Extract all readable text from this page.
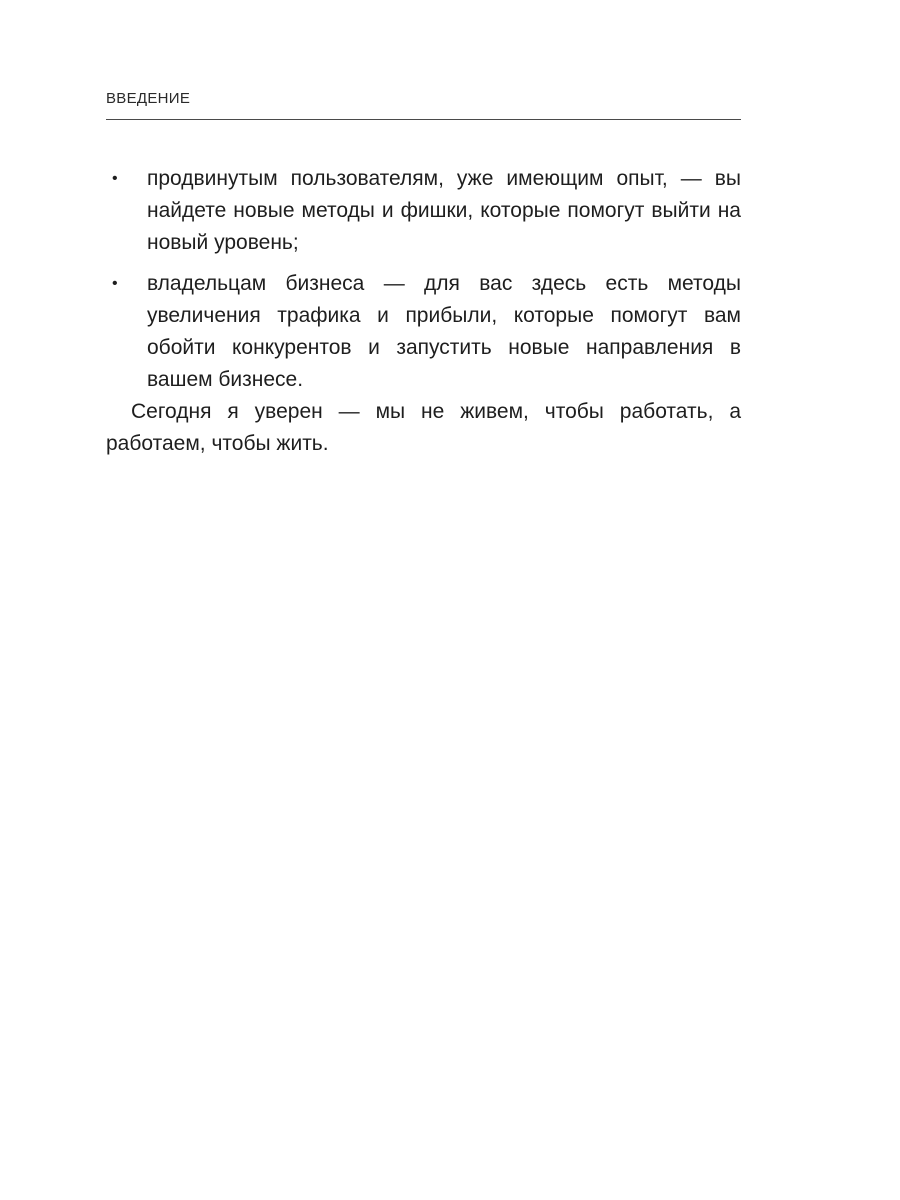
ВВЕДЕНИЕ
• продвинутым пользователям, уже имеющим опыт, — вы найдете новые методы и фишки, которые помогут выйти на новый уровень;
• владельцам бизнеса — для вас здесь есть методы увеличения трафика и прибыли, которые помогут вам обойти конкурентов и запустить новые направления в вашем бизнесе.

Сегодня я уверен — мы не живем, чтобы работать, а работаем, чтобы жить.
